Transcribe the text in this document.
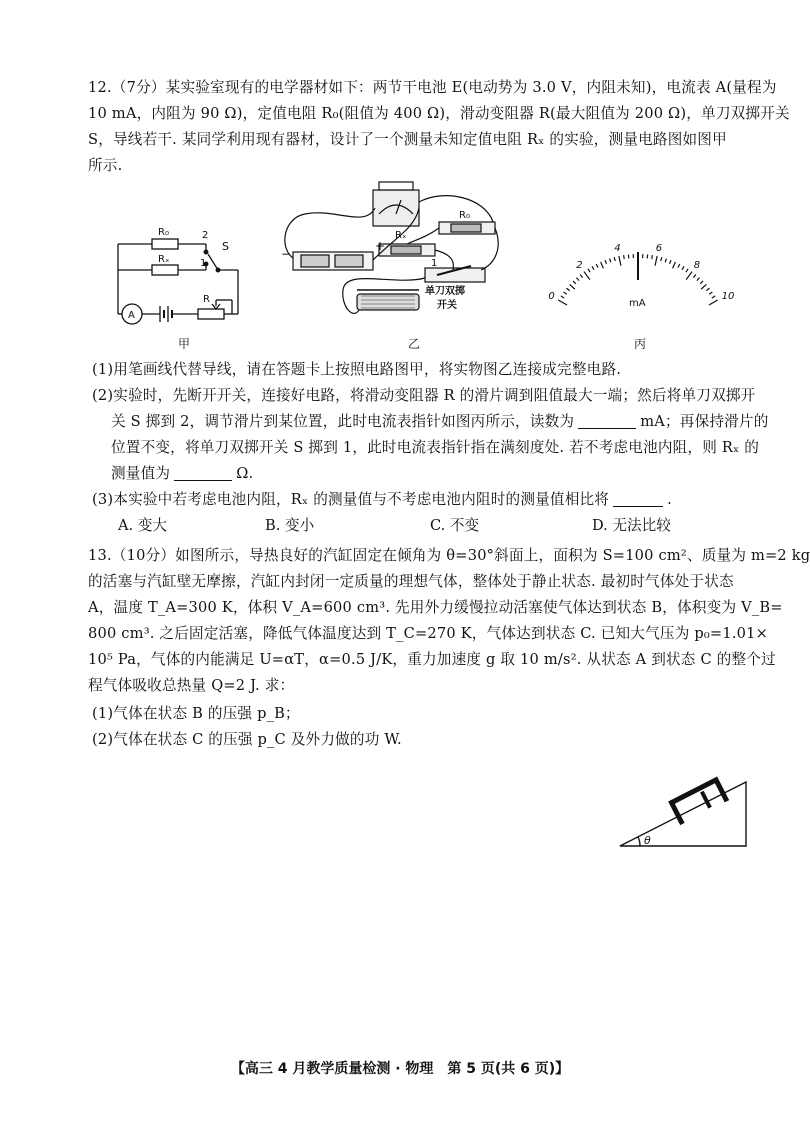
12.（7分）某实验室现有的电学器材如下：两节干电池 E(电动势为 3.0 V，内阻未知)，电流表 A(量程为
10 mA，内阻为 90 Ω)，定值电阻 R₀(阻值为 400 Ω)，滑动变阻器 R(最大阻值为 200 Ω)，单刀双掷开关
S，导线若干. 某同学利用现有器材，设计了一个测量未知定值电阻 Rₓ 的实验，测量电路图如图甲
所示.
R₀
Rₓ
2
1
S
A
R
甲
−
+
R₀
Rₓ
1
单刀双掷
开关
乙
0
2
4	6
8
10
mA
丙
(1)用笔画线代替导线，请在答题卡上按照电路图甲，将实物图乙连接成完整电路.
(2)实验时，先断开开关，连接好电路，将滑动变阻器 R 的滑片调到阻值最大一端；然后将单刀双掷开
关 S 掷到 2，调节滑片到某位置，此时电流表指针如图丙所示，读数为	mA；再保持滑片的
位置不变，将单刀双掷开关 S 掷到 1，此时电流表指针指在满刻度处. 若不考虑电池内阻，则 Rₓ 的
测量值为	Ω.
(3)本实验中若考虑电池内阻，Rₓ 的测量值与不考虑电池内阻时的测量值相比将	.
A. 变大	B. 变小	C. 不变	D. 无法比较
13.（10分）如图所示，导热良好的汽缸固定在倾角为 θ=30°斜面上，面积为 S=100 cm²、质量为 m=2 kg
的活塞与汽缸壁无摩擦，汽缸内封闭一定质量的理想气体，整体处于静止状态. 最初时气体处于状态
A，温度 T_A=300 K，体积 V_A=600 cm³. 先用外力缓慢拉动活塞使气体达到状态 B，体积变为 V_B=
800 cm³. 之后固定活塞，降低气体温度达到 T_C=270 K，气体达到状态 C. 已知大气压为 p₀=1.01×
10⁵ Pa，气体的内能满足 U=αT，α=0.5 J/K，重力加速度 g 取 10 m/s². 从状态 A 到状态 C 的整个过
程气体吸收总热量 Q=2 J. 求：
(1)气体在状态 B 的压强 p_B；
(2)气体在状态 C 的压强 p_C 及外力做的功 W.
θ
【高三 4 月教学质量检测 · 物理　第 5 页(共 6 页)】
